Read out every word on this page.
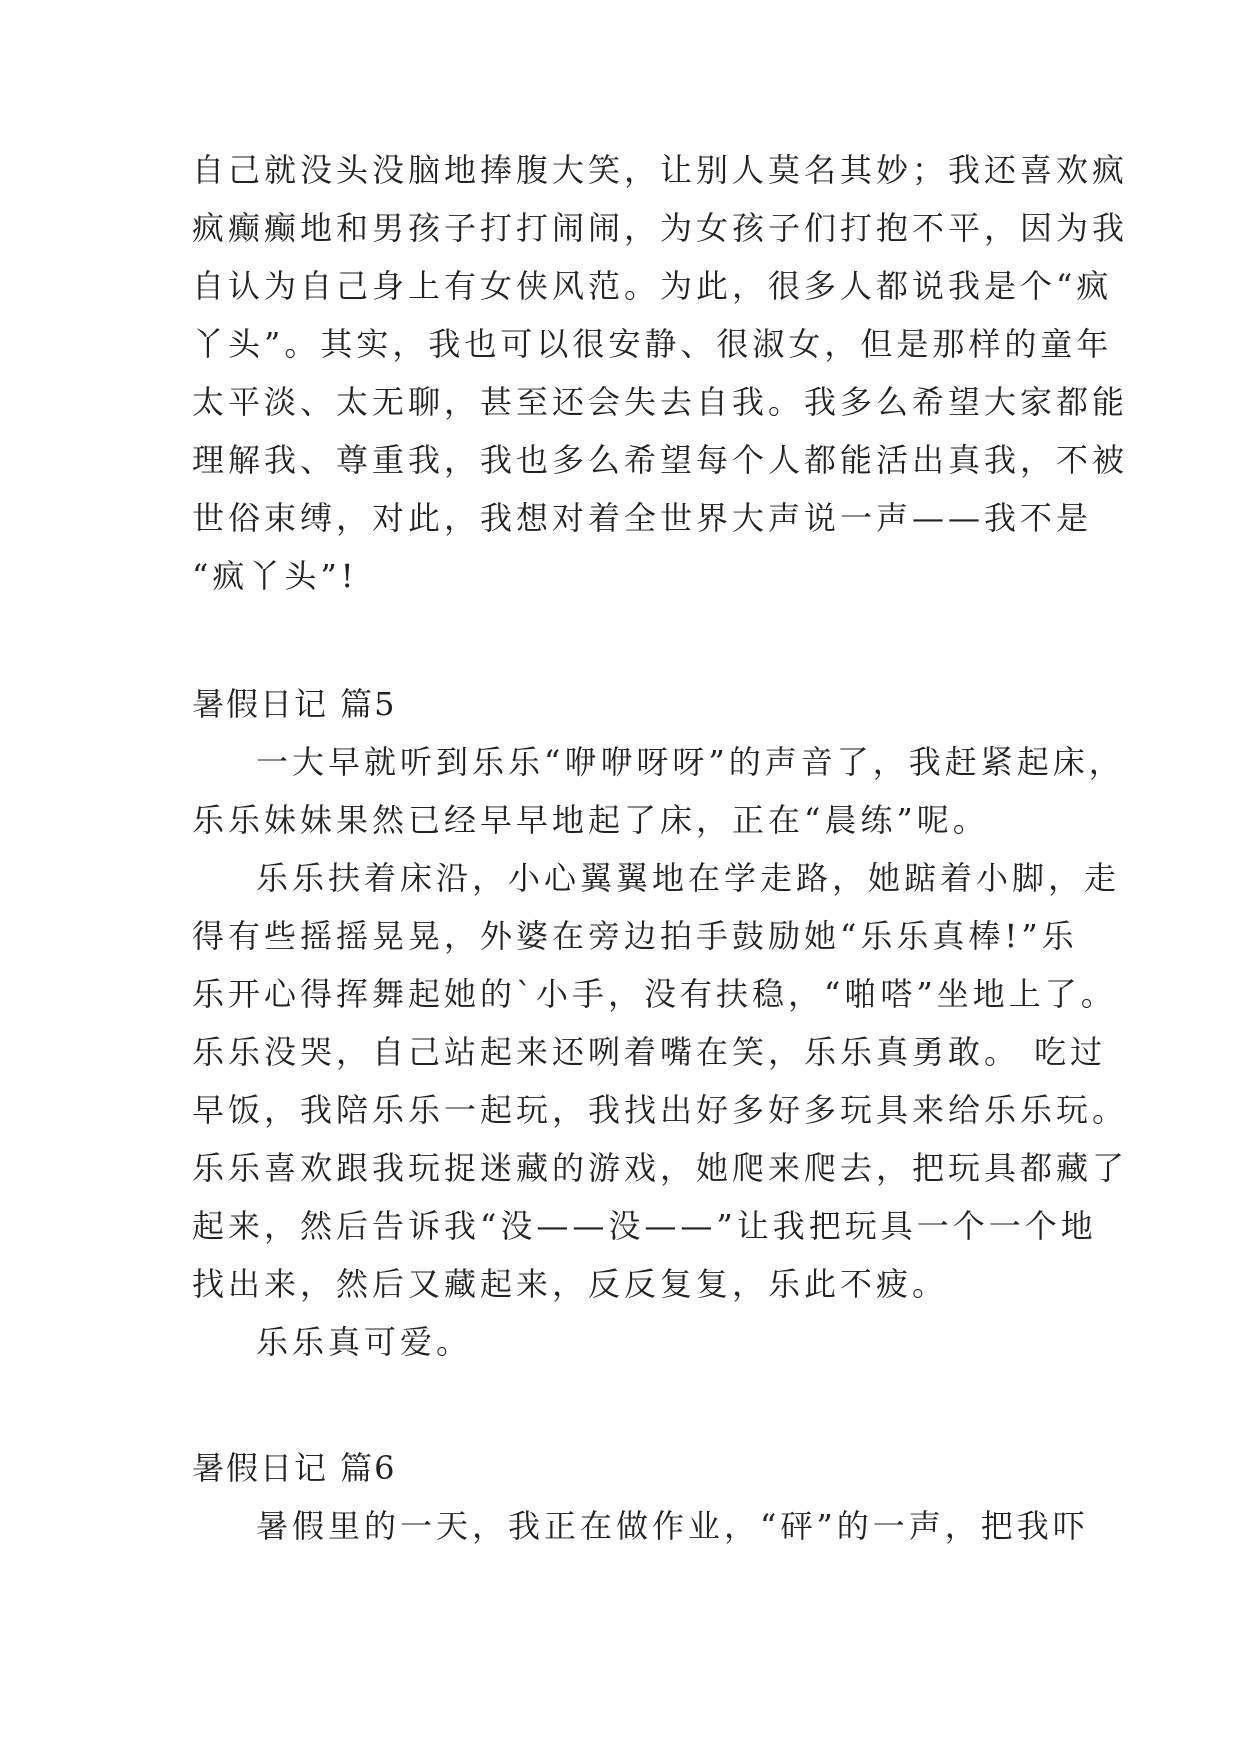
自己就没头没脑地捧腹大笑，让别人莫名其妙；我还喜欢疯
疯癫癫地和男孩子打打闹闹，为女孩子们打抱不平，因为我
自认为自己身上有女侠风范。为此，很多人都说我是个“疯
丫头”。其实，我也可以很安静、很淑女，但是那样的童年
太平淡、太无聊，甚至还会失去自我。我多么希望大家都能
理解我、尊重我，我也多么希望每个人都能活出真我，不被
世俗束缚，对此，我想对着全世界大声说一声——我不是
“疯丫头”!
暑假日记 篇5
一大早就听到乐乐“咿咿呀呀”的声音了，我赶紧起床，
乐乐妹妹果然已经早早地起了床，正在“晨练”呢。
乐乐扶着床沿，小心翼翼地在学走路，她踮着小脚，走
得有些摇摇晃晃，外婆在旁边拍手鼓励她“乐乐真棒!”乐
乐开心得挥舞起她的`小手，没有扶稳，“啪嗒”坐地上了。
乐乐没哭，自己站起来还咧着嘴在笑，乐乐真勇敢。 吃过
早饭，我陪乐乐一起玩，我找出好多好多玩具来给乐乐玩。
乐乐喜欢跟我玩捉迷藏的游戏，她爬来爬去，把玩具都藏了
起来，然后告诉我“没——没——”让我把玩具一个一个地
找出来，然后又藏起来，反反复复，乐此不疲。
乐乐真可爱。
暑假日记 篇6
暑假里的一天，我正在做作业，“砰”的一声，把我吓
